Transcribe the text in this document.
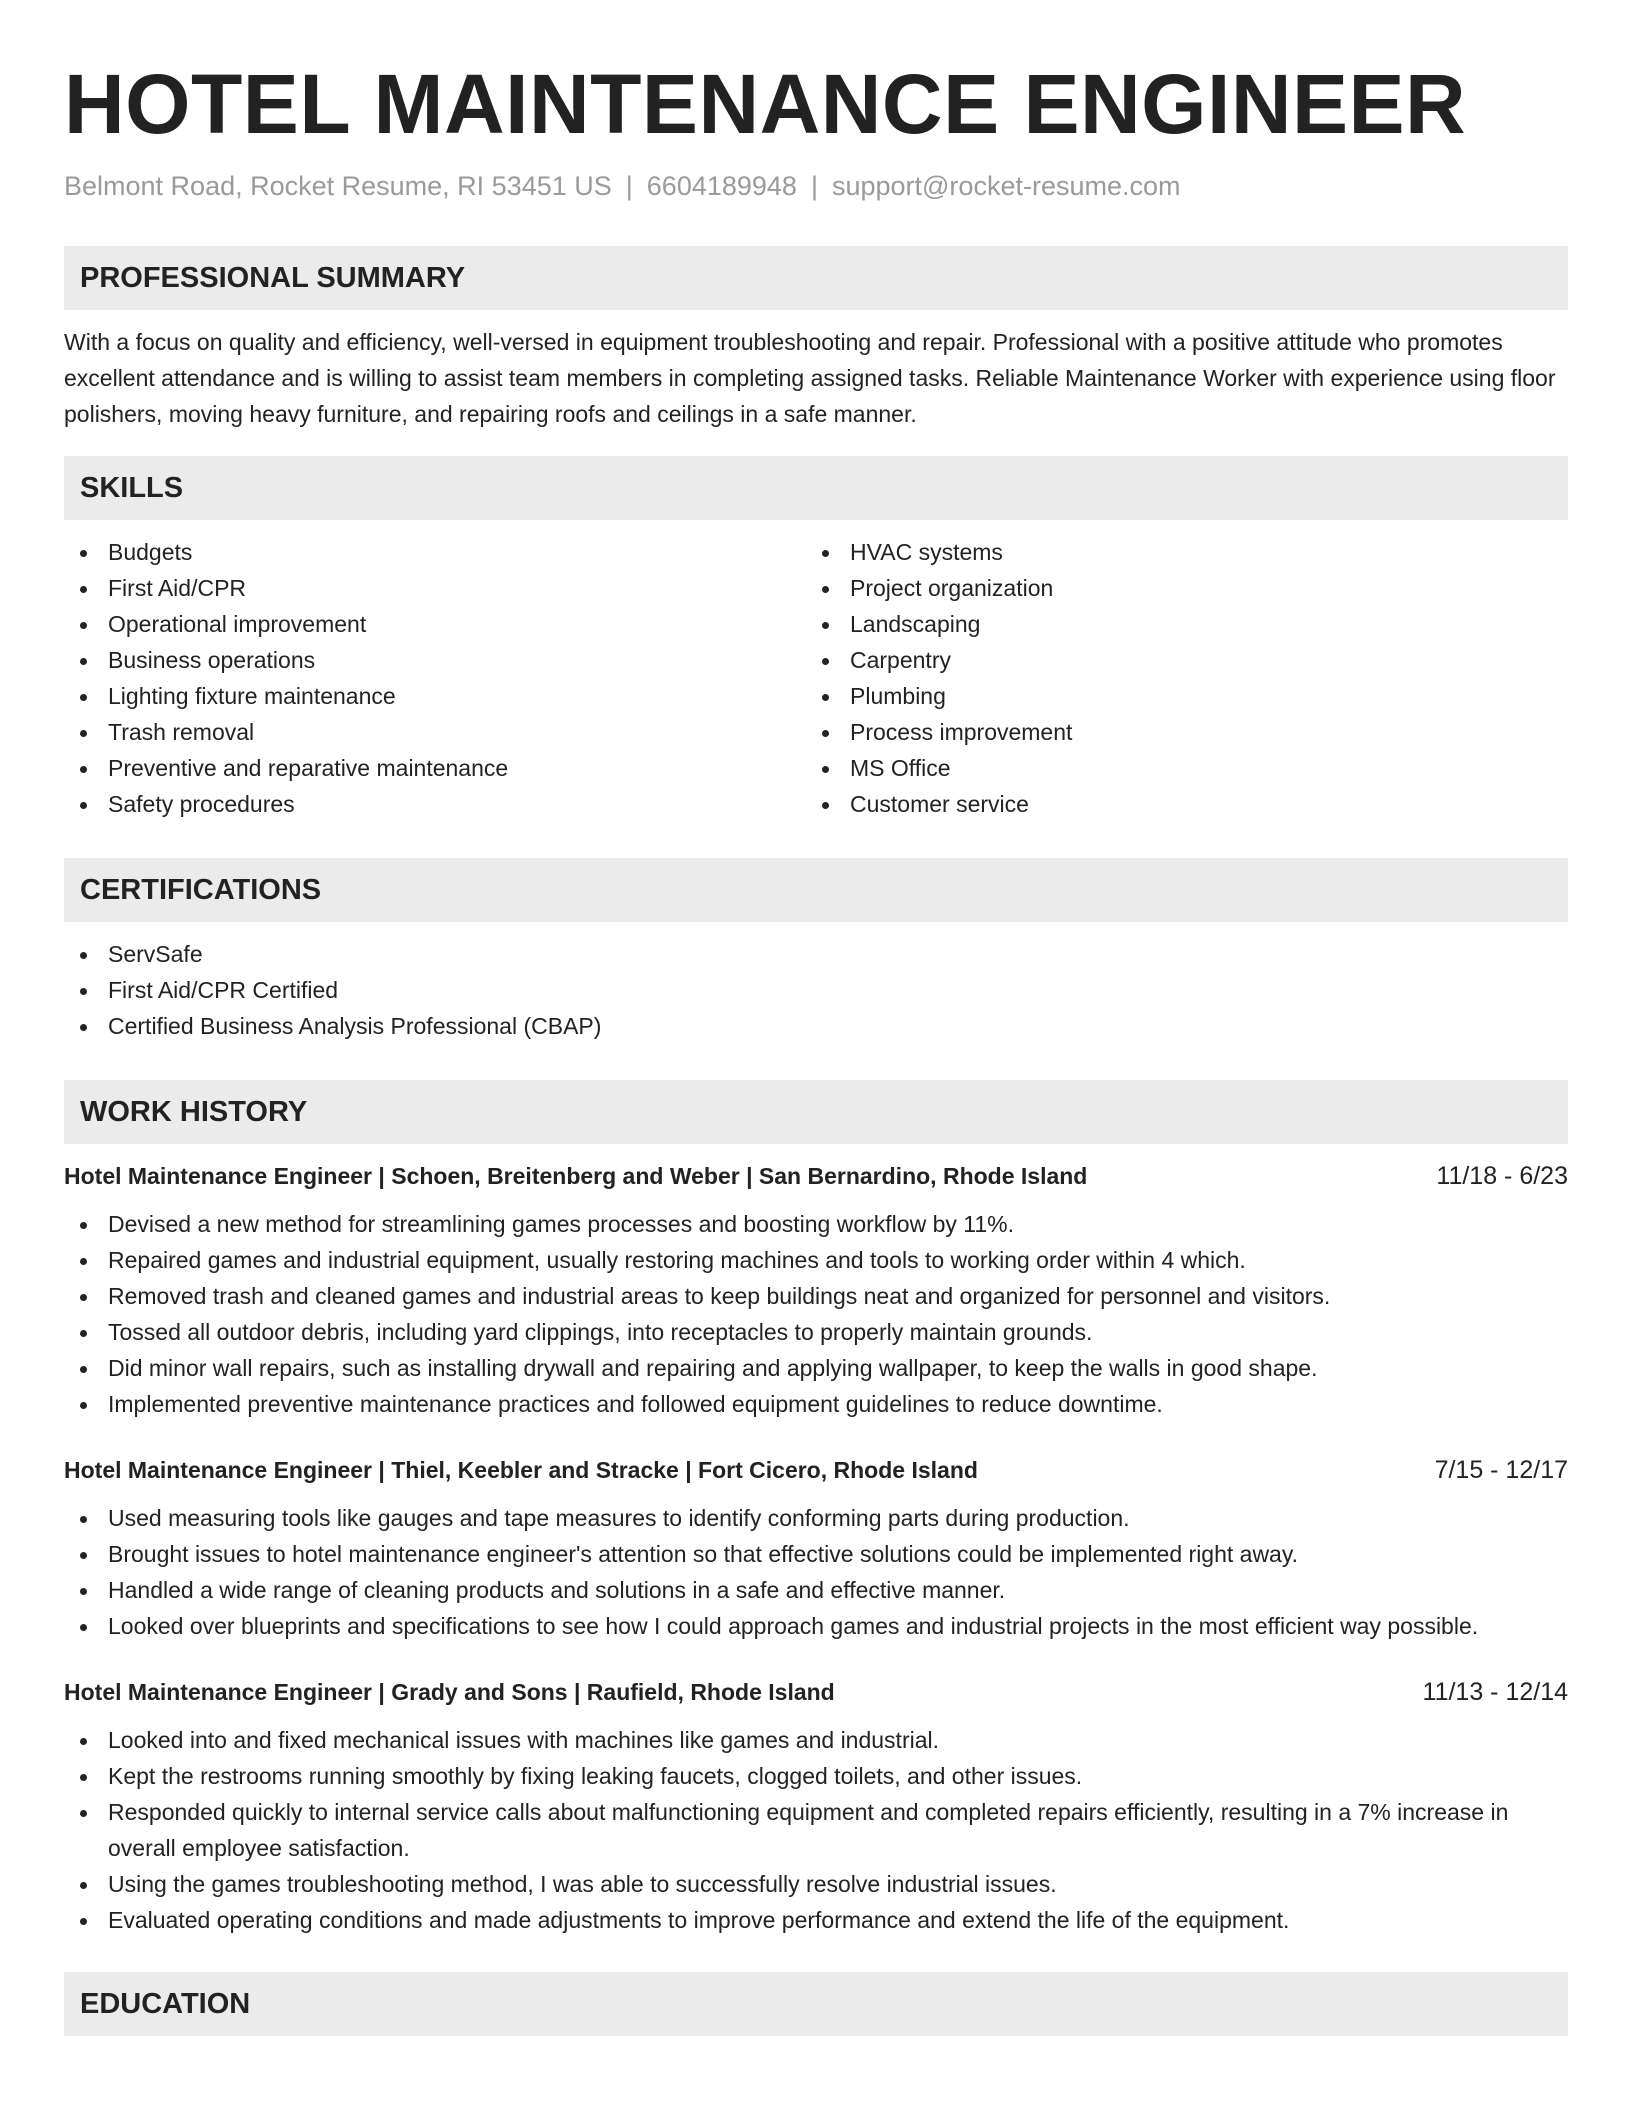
HOTEL MAINTENANCE ENGINEER
Belmont Road, Rocket Resume, RI 53451 US | 6604189948 | support@rocket-resume.com
PROFESSIONAL SUMMARY

With a focus on quality and efficiency, well-versed in equipment troubleshooting and repair. Professional with a positive attitude who promotes excellent attendance and is willing to assist team members in completing assigned tasks. Reliable Maintenance Worker with experience using floor polishers, moving heavy furniture, and repairing roofs and ceilings in a safe manner.

SKILLS
Budgets
First Aid/CPR
Operational improvement
Business operations
Lighting fixture maintenance
Trash removal
Preventive and reparative maintenance
Safety procedures
HVAC systems
Project organization
Landscaping
Carpentry
Plumbing
Process improvement
MS Office
Customer service
CERTIFICATIONS
ServSafe
First Aid/CPR Certified
Certified Business Analysis Professional (CBAP)
WORK HISTORY
Hotel Maintenance Engineer | Schoen, Breitenberg and Weber | San Bernardino, Rhode Island	11/18 - 6/23
Devised a new method for streamlining games processes and boosting workflow by 11%.
Repaired games and industrial equipment, usually restoring machines and tools to working order within 4 which.
Removed trash and cleaned games and industrial areas to keep buildings neat and organized for personnel and visitors.
Tossed all outdoor debris, including yard clippings, into receptacles to properly maintain grounds.
Did minor wall repairs, such as installing drywall and repairing and applying wallpaper, to keep the walls in good shape.
Implemented preventive maintenance practices and followed equipment guidelines to reduce downtime.
Hotel Maintenance Engineer | Thiel, Keebler and Stracke | Fort Cicero, Rhode Island	7/15 - 12/17
Used measuring tools like gauges and tape measures to identify conforming parts during production.
Brought issues to hotel maintenance engineer's attention so that effective solutions could be implemented right away.
Handled a wide range of cleaning products and solutions in a safe and effective manner.
Looked over blueprints and specifications to see how I could approach games and industrial projects in the most efficient way possible.
Hotel Maintenance Engineer | Grady and Sons | Raufield, Rhode Island	11/13 - 12/14
Looked into and fixed mechanical issues with machines like games and industrial.
Kept the restrooms running smoothly by fixing leaking faucets, clogged toilets, and other issues.
Responded quickly to internal service calls about malfunctioning equipment and completed repairs efficiently, resulting in a 7% increase in overall employee satisfaction.
Using the games troubleshooting method, I was able to successfully resolve industrial issues.
Evaluated operating conditions and made adjustments to improve performance and extend the life of the equipment.
EDUCATION
